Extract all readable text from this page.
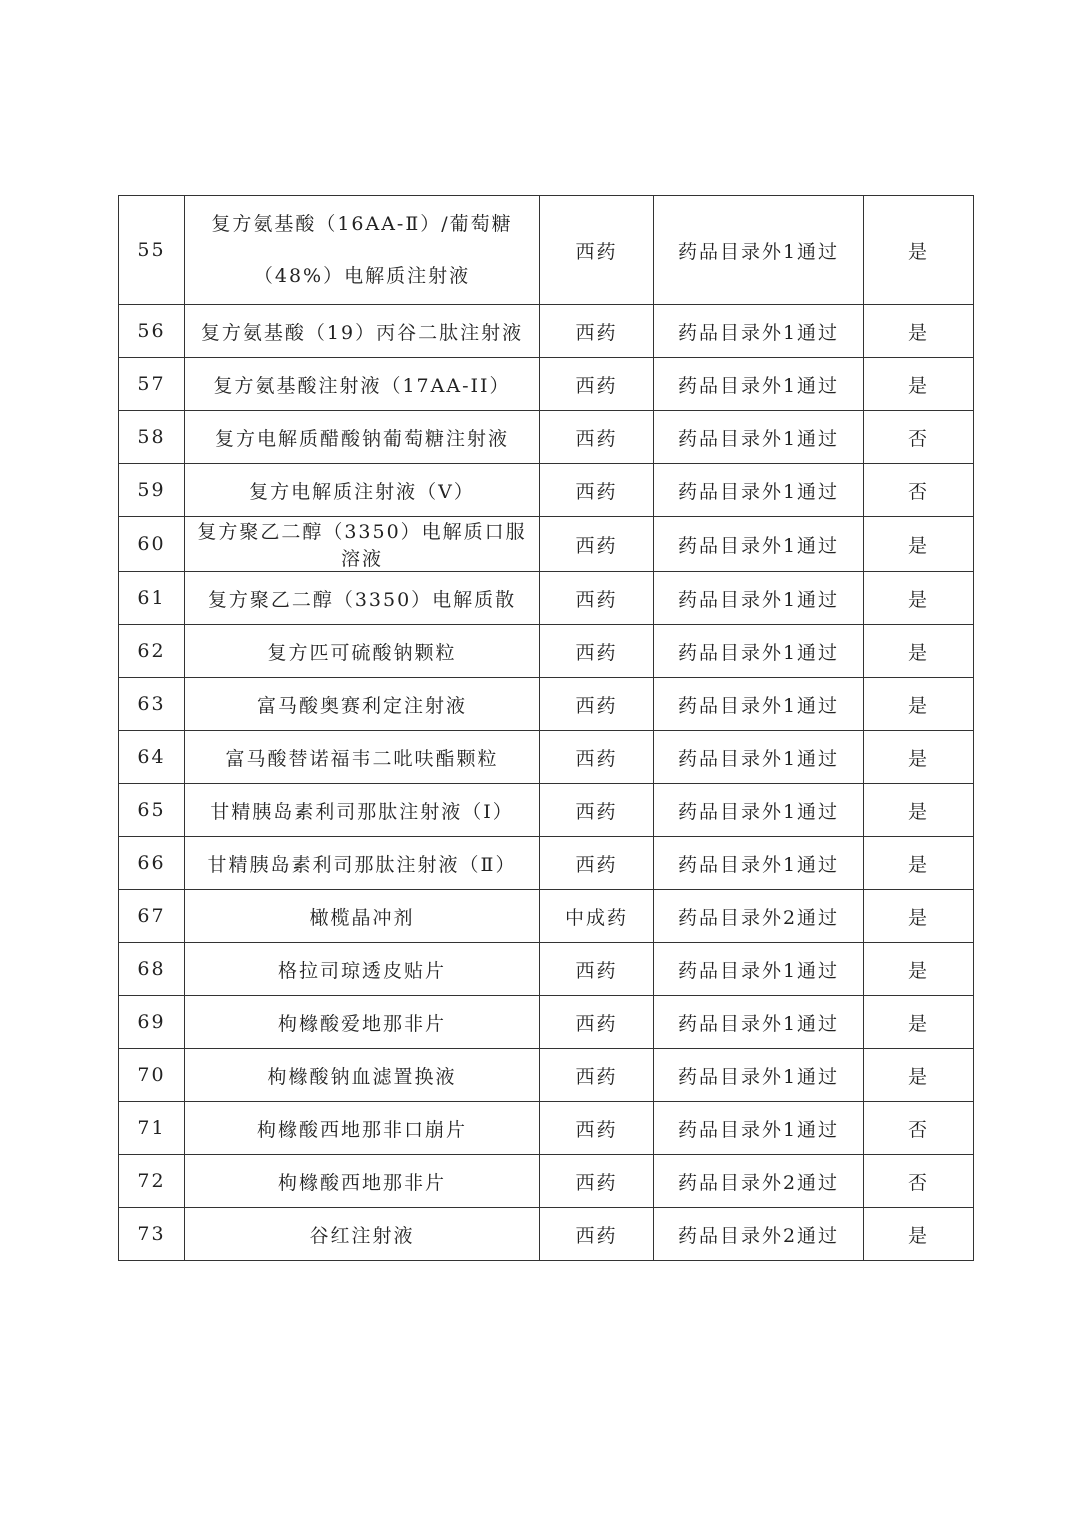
55	复方氨基酸（16AA-Ⅱ）/葡萄糖（48%）电解质注射液	西药	药品目录外1通过	是
56	复方氨基酸（19）丙谷二肽注射液	西药	药品目录外1通过	是
57	复方氨基酸注射液（17AA-II）	西药	药品目录外1通过	是
58	复方电解质醋酸钠葡萄糖注射液	西药	药品目录外1通过	否
59	复方电解质注射液（V）	西药	药品目录外1通过	否
60	复方聚乙二醇（3350）电解质口服溶液	西药	药品目录外1通过	是
61	复方聚乙二醇（3350）电解质散	西药	药品目录外1通过	是
62	复方匹可硫酸钠颗粒	西药	药品目录外1通过	是
63	富马酸奥赛利定注射液	西药	药品目录外1通过	是
64	富马酸替诺福韦二吡呋酯颗粒	西药	药品目录外1通过	是
65	甘精胰岛素利司那肽注射液（Ⅰ）	西药	药品目录外1通过	是
66	甘精胰岛素利司那肽注射液（Ⅱ）	西药	药品目录外1通过	是
67	橄榄晶冲剂	中成药	药品目录外2通过	是
68	格拉司琼透皮贴片	西药	药品目录外1通过	是
69	枸橼酸爱地那非片	西药	药品目录外1通过	是
70	枸橼酸钠血滤置换液	西药	药品目录外1通过	是
71	枸橼酸西地那非口崩片	西药	药品目录外1通过	否
72	枸橼酸西地那非片	西药	药品目录外2通过	否
73	谷红注射液	西药	药品目录外2通过	是
